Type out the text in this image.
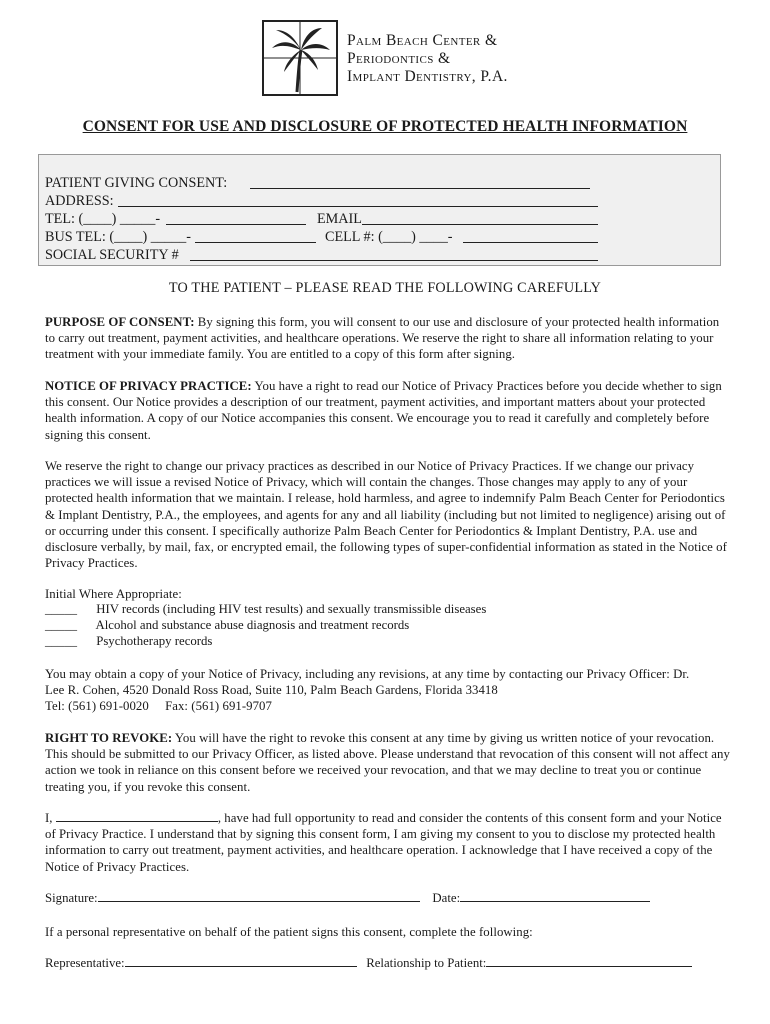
Palm Beach Center &
Periodontics &
Implant Dentistry, P.A.
CONSENT FOR USE AND DISCLOSURE OF PROTECTED HEALTH INFORMATION
PATIENT GIVING CONSENT:
ADDRESS:
TEL: (____) _____-	EMAIL
BUS TEL: (____) _____-	CELL #: (____) ____-
SOCIAL SECURITY #
TO THE PATIENT – PLEASE READ THE FOLLOWING CAREFULLY
PURPOSE OF CONSENT: By signing this form, you will consent to our use and disclosure of your protected health information to carry out treatment, payment activities, and healthcare operations. We reserve the right to share all information relating to your treatment with your immediate family. You are entitled to a copy of this form after signing.
NOTICE OF PRIVACY PRACTICE: You have a right to read our Notice of Privacy Practices before you decide whether to sign this consent. Our Notice provides a description of our treatment, payment activities, and important matters about your protected health information. A copy of our Notice accompanies this consent. We encourage you to read it carefully and completely before signing this consent.
We reserve the right to change our privacy practices as described in our Notice of Privacy Practices. If we change our privacy practices we will issue a revised Notice of Privacy, which will contain the changes. Those changes may apply to any of your protected health information that we maintain. I release, hold harmless, and agree to indemnify Palm Beach Center for Periodontics & Implant Dentistry, P.A., the employees, and agents for any and all liability (including but not limited to negligence) arising out of or occurring under this consent. I specifically authorize Palm Beach Center for Periodontics & Implant Dentistry, P.A. use and disclosure verbally, by mail, fax, or encrypted email, the following types of super-confidential information as stated in the Notice of Privacy Practices.
Initial Where Appropriate:
_____ HIV records (including HIV test results) and sexually transmissible diseases
_____ Alcohol and substance abuse diagnosis and treatment records
_____ Psychotherapy records
You may obtain a copy of your Notice of Privacy, including any revisions, at any time by contacting our Privacy Officer: Dr.
Lee R. Cohen, 4520 Donald Ross Road, Suite 110, Palm Beach Gardens, Florida 33418
Tel: (561) 691-0020     Fax: (561) 691-9707
RIGHT TO REVOKE: You will have the right to revoke this consent at any time by giving us written notice of your revocation. This should be submitted to our Privacy Officer, as listed above. Please understand that revocation of this consent will not affect any action we took in reliance on this consent before we received your revocation, and that we may decline to treat you or continue treating you, if you revoke this consent.
I,	, have had full opportunity to read and consider the contents of this consent form and your Notice of Privacy Practice. I understand that by signing this consent form, I am giving my consent to you to disclose my protected health information to carry out treatment, payment activities, and healthcare operation. I acknowledge that I have received a copy of the Notice of Privacy Practices.
Signature:	Date:
If a personal representative on behalf of the patient signs this consent, complete the following:
Representative:	Relationship to Patient:
